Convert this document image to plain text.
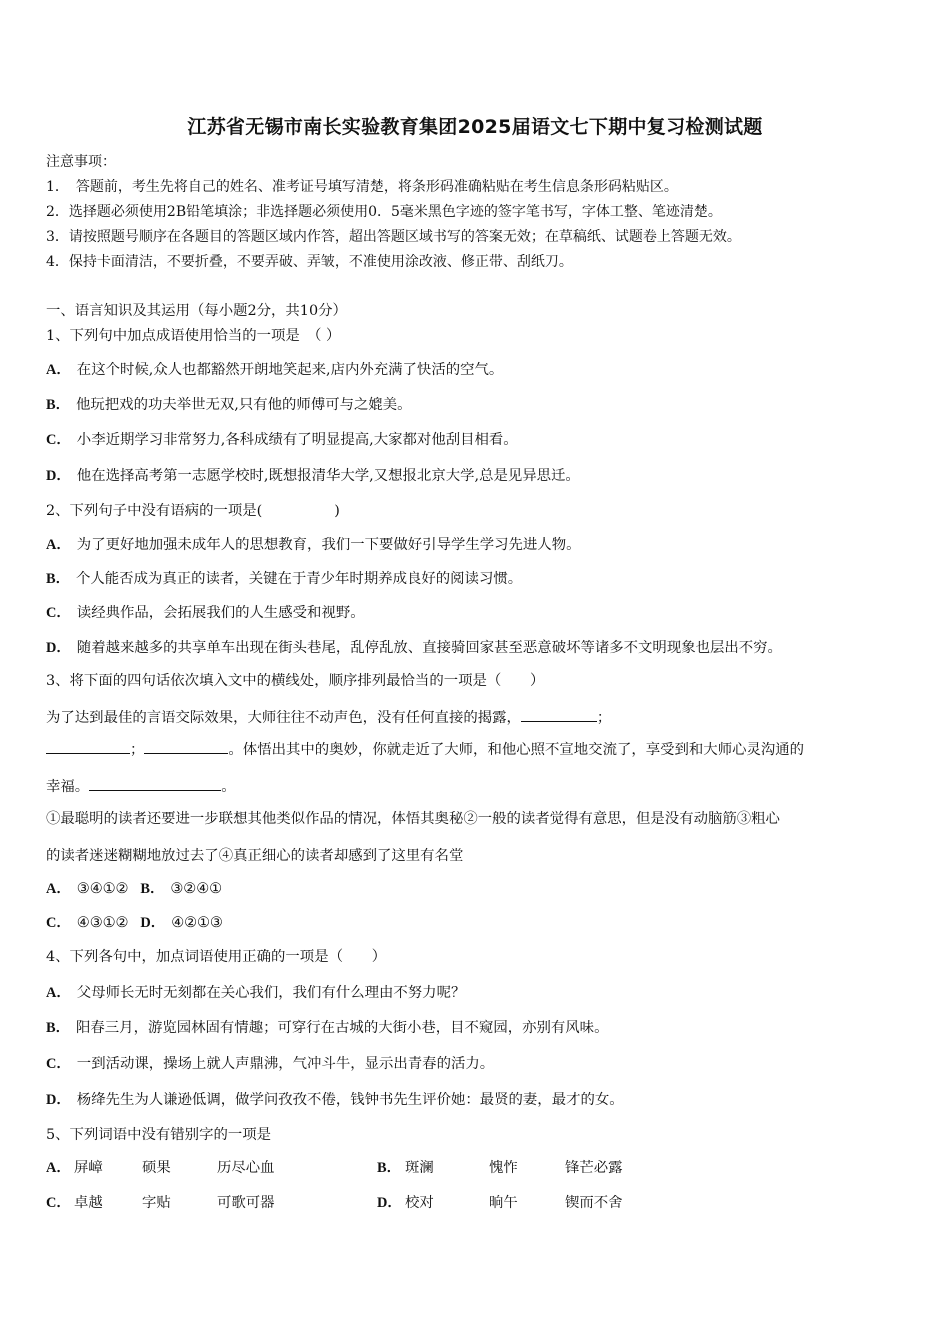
江苏省无锡市南长实验教育集团2025届语文七下期中复习检测试题
注意事项：
1．　答题前，考生先将自己的姓名、准考证号填写清楚，将条形码准确粘贴在考生信息条形码粘贴区。
2．选择题必须使用2B铅笔填涂；非选择题必须使用0．5毫米黑色字迹的签字笔书写，字体工整、笔迹清楚。
3．请按照题号顺序在各题目的答题区域内作答，超出答题区域书写的答案无效；在草稿纸、试题卷上答题无效。
4．保持卡面清洁，不要折叠，不要弄破、弄皱，不准使用涂改液、修正带、刮纸刀。
一、语言知识及其运用（每小题2分，共10分）
1、下列句中加点成语使用恰当的一项是　（ ）
A． 在这个时候,众人也都豁然开朗地笑起来,店内外充满了快活的空气。
B． 他玩把戏的功夫举世无双,只有他的师傅可与之媲美。
C． 小李近期学习非常努力,各科成绩有了明显提高,大家都对他刮目相看。
D． 他在选择高考第一志愿学校时,既想报清华大学,又想报北京大学,总是见异思迁。
2、下列句子中没有语病的一项是(　　　　　)
A． 为了更好地加强未成年人的思想教育，我们一下要做好引导学生学习先进人物。
B． 个人能否成为真正的读者，关键在于青少年时期养成良好的阅读习惯。
C． 读经典作品，会拓展我们的人生感受和视野。
D． 随着越来越多的共享单车出现在街头巷尾，乱停乱放、直接骑回家甚至恶意破坏等诸多不文明现象也层出不穷。
3、将下面的四句话依次填入文中的横线处，顺序排列最恰当的一项是（　　）
为了达到最佳的言语交际效果，大师往往不动声色，没有任何直接的揭露，	；
；	。体悟出其中的奥妙，你就走近了大师，和他心照不宣地交流了，享受到和大师心灵沟通的
幸福。	。
①最聪明的读者还要进一步联想其他类似作品的情况，体悟其奥秘②一般的读者觉得有意思，但是没有动脑筋③粗心
的读者迷迷糊糊地放过去了④真正细心的读者却感到了这里有名堂
A． ③④①② B． ③②④①
C． ④③①② D． ④②①③
4、下列各句中，加点词语使用正确的一项是（　　）
A． 父母师长无时无刻都在关心我们，我们有什么理由不努力呢？
B． 阳春三月，游览园林固有情趣；可穿行在古城的大街小巷，目不窥园，亦别有风味。
C． 一到活动课，操场上就人声鼎沸，气冲斗牛，显示出青春的活力。
D． 杨绛先生为人谦逊低调，做学问孜孜不倦，钱钟书先生评价她：最贤的妻，最才的女。
5、下列词语中没有错别字的一项是
A． 屏嶂	硕果	历尽心血	B． 斑澜	愧怍	锋芒必露
C． 卓越	字贴	可歌可器	D． 校对	晌午	锲而不舍
